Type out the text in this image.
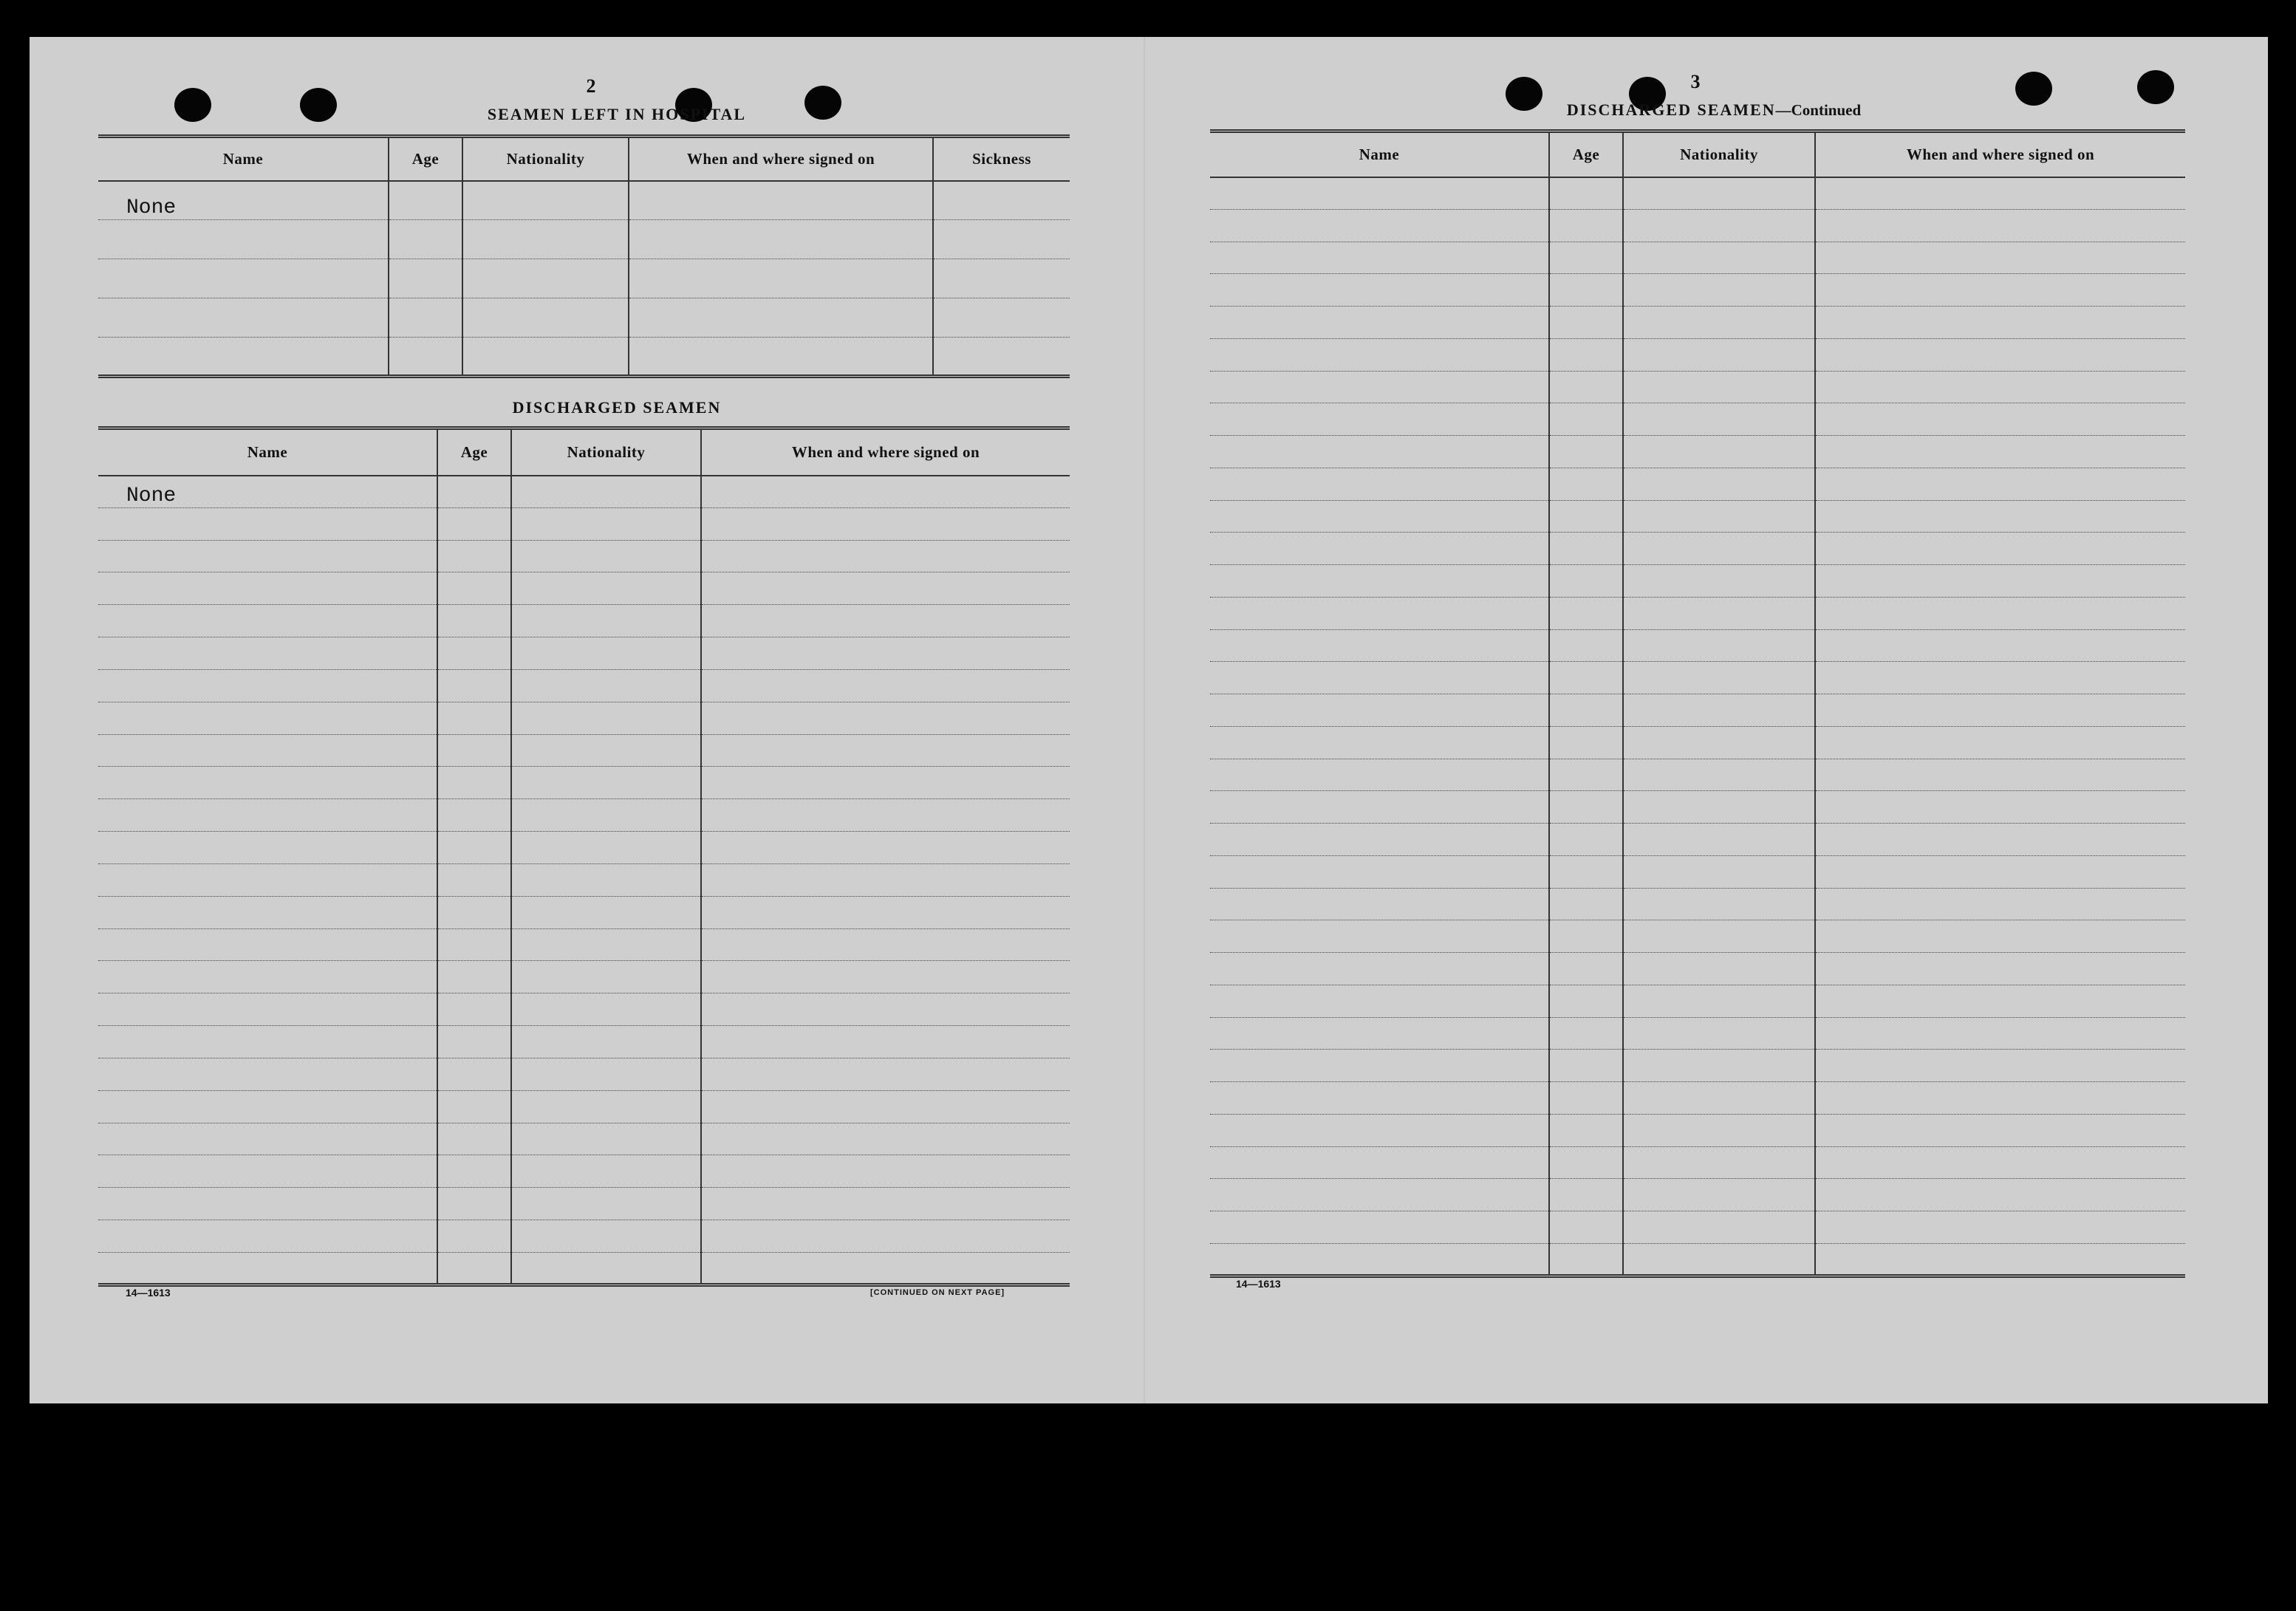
2
SEAMEN LEFT IN HOSPITAL
Name	Age	Nationality	When and where signed on	Sickness
None				

DISCHARGED SEAMEN
Name	Age	Nationality	When and where signed on
None			

14—1613	[CONTINUED ON NEXT PAGE]
3
DISCHARGED SEAMEN—Continued
Name	Age	Nationality	When and where signed on

14—1613
